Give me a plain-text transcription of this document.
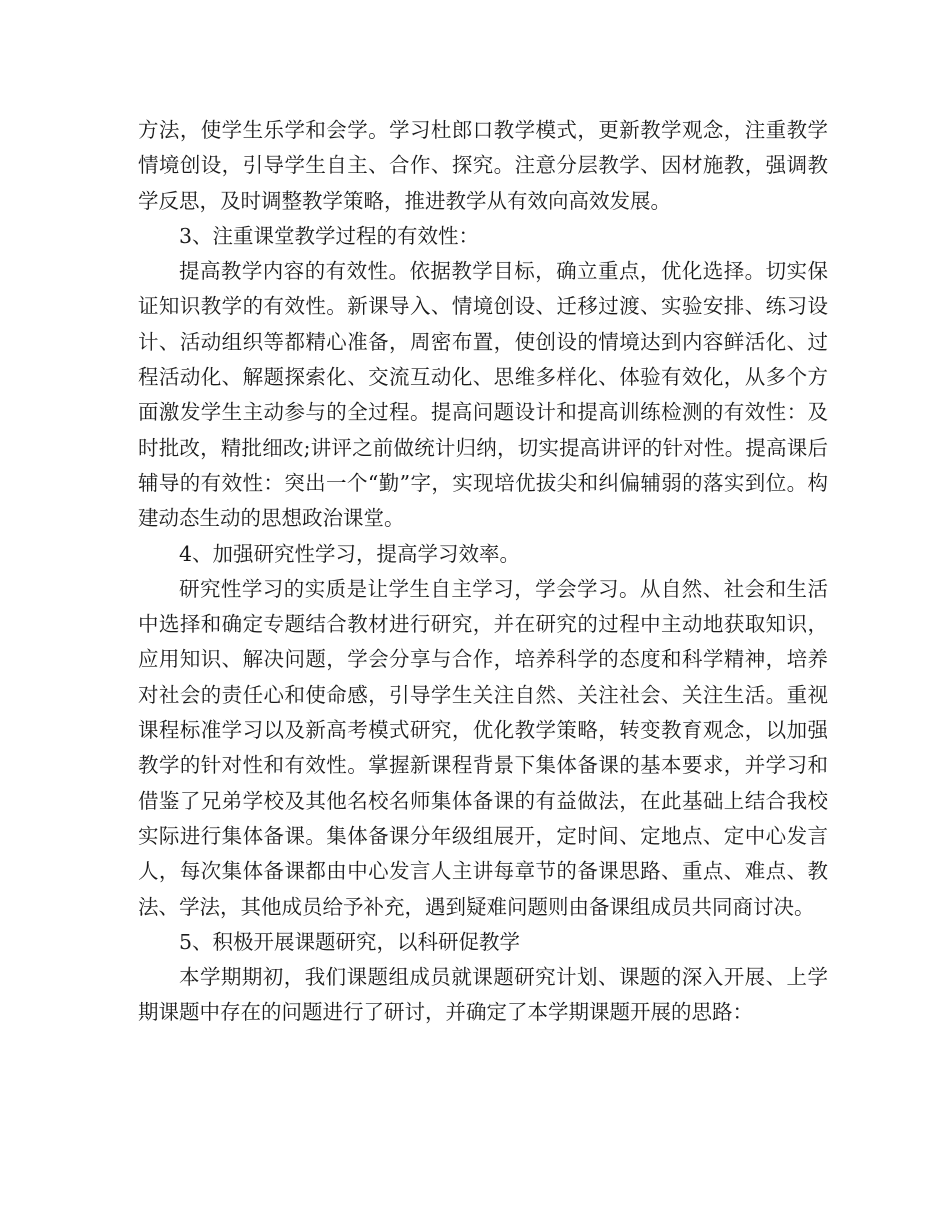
方法，使学生乐学和会学。学习杜郎口教学模式，更新教学观念，注重教学情境创设，引导学生自主、合作、探究。注意分层教学、因材施教，强调教学反思，及时调整教学策略，推进教学从有效向高效发展。

3、注重课堂教学过程的有效性：

提高教学内容的有效性。依据教学目标，确立重点，优化选择。切实保证知识教学的有效性。新课导入、情境创设、迁移过渡、实验安排、练习设计、活动组织等都精心准备，周密布置，使创设的情境达到内容鲜活化、过程活动化、解题探索化、交流互动化、思维多样化、体验有效化，从多个方面激发学生主动参与的全过程。提高问题设计和提高训练检测的有效性：及时批改，精批细改;讲评之前做统计归纳，切实提高讲评的针对性。提高课后辅导的有效性：突出一个“勤”字，实现培优拔尖和纠偏辅弱的落实到位。构建动态生动的思想政治课堂。

4、加强研究性学习，提高学习效率。

研究性学习的实质是让学生自主学习，学会学习。从自然、社会和生活中选择和确定专题结合教材进行研究，并在研究的过程中主动地获取知识，应用知识、解决问题，学会分享与合作，培养科学的态度和科学精神，培养对社会的责任心和使命感，引导学生关注自然、关注社会、关注生活。重视课程标准学习以及新高考模式研究，优化教学策略，转变教育观念，以加强教学的针对性和有效性。掌握新课程背景下集体备课的基本要求，并学习和借鉴了兄弟学校及其他名校名师集体备课的有益做法，在此基础上结合我校实际进行集体备课。集体备课分年级组展开，定时间、定地点、定中心发言人，每次集体备课都由中心发言人主讲每章节的备课思路、重点、难点、教法、学法，其他成员给予补充，遇到疑难问题则由备课组成员共同商讨决。

5、积极开展课题研究，以科研促教学

本学期期初，我们课题组成员就课题研究计划、课题的深入开展、上学期课题中存在的问题进行了研讨，并确定了本学期课题开展的思路：
